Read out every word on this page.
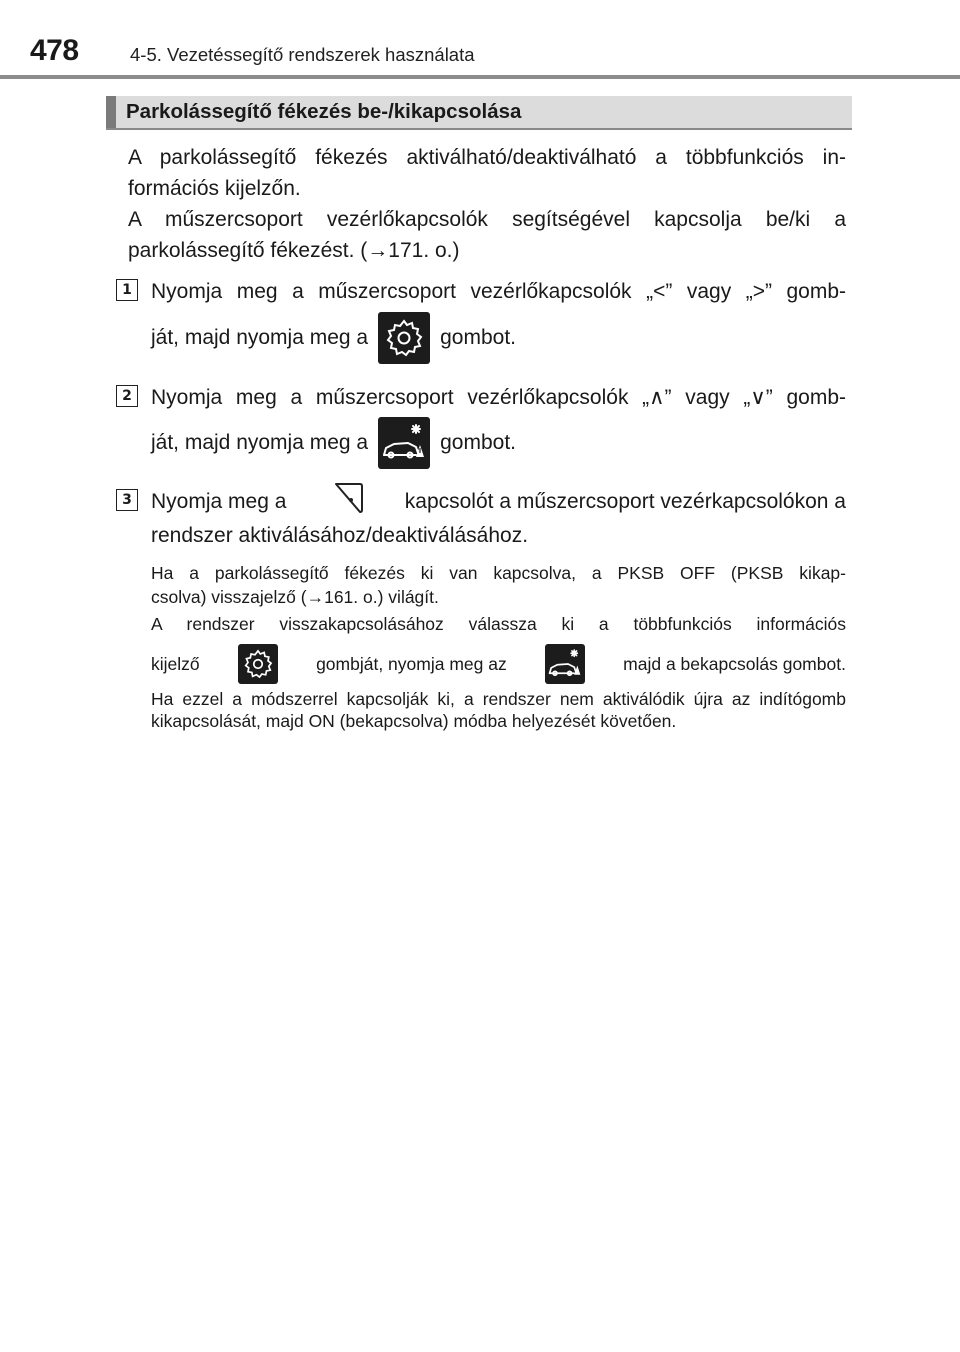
478	4-5. Vezetéssegítő rendszerek használata
Parkolássegítő fékezés be-/kikapcsolása

A parkolássegítő fékezés aktiválható/deaktiválható a többfunkciós in-

formációs kijelzőn.

A műszercsoport vezérlőkapcsolók segítségével kapcsolja be/ki a

parkolássegítő fékezést. (→171. o.)

1 Nyomja meg a műszercsoport vezérlőkapcsolók „<” vagy „>” gomb-
ját, majd nyomja meg a	gombot.
2 Nyomja meg a műszercsoport vezérlőkapcsolók „∧” vagy „∨” gomb-
ját, majd nyomja meg a	gombot.
3 Nyomja meg a	kapcsolót a műszercsoport vezérkapcsolókon a
rendszer aktiválásához/deaktiválásához.
Ha a parkolássegítő fékezés ki van kapcsolva, a PKSB OFF (PKSB kikap-
csolva) visszajelző (→161. o.) világít.
A rendszer visszakapcsolásához válassza ki a többfunkciós információs
kijelző	gombját, nyomja meg az	majd a bekapcsolás gombot.
Ha ezzel a módszerrel kapcsolják ki, a rendszer nem aktiválódik újra az indítógomb kikapcsolását, majd ON (bekapcsolva) módba helyezését követően.
